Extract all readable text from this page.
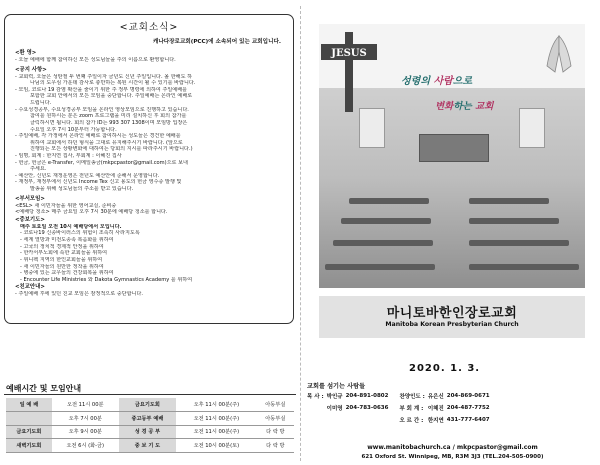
<교회소식>
캐나다장로교회(PCC)에 소속되어 있는 교회입니다.
<환 영>
- 오늘 예배에 함께 참여하신 모든 성도님들을 주의 이름으로 환영합니다.
<공지 사항>
- 교회력, 오늘은 성탄절 두 번째 주일이자 금년도 신년 주일입니다. 올 한해도 하
나님의 도우심 가운데 감사로 충만하는 복된 시간이 될 수 있기를 바랍니다.
- 모임, 코로나 19 감염 확산을 줄이기 위한 주 정부 명령에 의하여 주일예배를
포함한 교회 안에서의 모든 모임을 중단합니다. 주일예배는 온라인 예배로
드립니다.
- 수요성경공부, 수요성경공부 모임을 온라인 영상모임으로 진행하고 있습니다.
참여를 원하시는 분은 zoom 프로그램을 미리 설치하신 후 회의 참가를
클릭하시면 됩니다. 회의 참가 ID는 993 307 1308이며 모임방 입장은
수요일 오후 7시 10분부터 가능합니다.
- 주일예배, 각 가정에서 온라인 예배로 참여하시는 성도들은 경건한 예배를
위하여 교회에서 하던 형식을 그대로 유지해주시기 바랍니다. (앞으로
진행되는 모든 상황변화에 대하여는 당회의 지시를 따라주시기 바랍니다.)
- 임명, 회계 : 한지연 집사, 부회계 : 이혜진 집사
- 헌금, 헌금은 e-Transfer, 이메일송금(mkpcpastor@gmail.com)으로 보내
주세요.
- 예산안, 신년도 재정운영은 전년도 예산안에 준해서 운영합니다.
- 재정부, 재정부에서 신년도 Income Tex 신고 용도의 헌금 영수증 발행 및
발송을 위해 성도님들의 주소를 받고 있습니다.
<부서모임>
<ESL> 새 이민자들을 위한 영어교실, 준비중
<예배당 청소> 매주 금요일 오후 7시 30분에 예배당 청소를 합니다.
<중보기도>
매주 토요일 오전 10시 예배당에서 모입니다.
- 코로나19 신종바이러스의 위험이 조속히 사라지도록
- 세계 열방과 미전도종족 복음화를 위하여
- 고국의 정치적 경제적 안정을 위하여
- 한카서부노회에 속한 교회들을 위하여
- 위니펙 지역의 한인교회들을 위하여
- 새 이민자들의 원만한 정착을 위하여
- 병중에 있는 교우들의 건강회복을 위하여
- Encounter Life Ministries 와 Dakota Gymnastics Academy 를 위하여
<친교안내>
- 주일예배 후에 있던 친교 모임은 잠정적으로 중단합니다.
예배시간 및 모임안내
일 예 배	오전 11시 00분	금요기도회	오후 11시 00분(주)	아동부실
	오후 7시 00분	중고등부 예배	오전 11시 00분(주)	아동부실
금요기도회	오후 9시 00분	성 경 공 부	오전 11시 00분(주)	다 락 방
새벽기도회	오전 6시 (화-금)	중 보 기 도	오전 10시 00분(토)	다 락 방
JESUS
성령의 사람으로
변화하는 교회
마니토바한인장로교회
Manitoba Korean Presbyterian Church
2020. 1. 3.
교회를 섬기는 사람들
목 사 :	박인규	204-891-0802	찬양인도 :	유은신	204-869-0671
	이미영	204-783-0636	부 회 계 :	이혜진	204-487-7752
			오 르 간 :	한지연	431-777-6407
www.manitobachurch.ca / mkpcpastor@gmail.com
621 Oxford St. Winnipeg, MB, R3M 3J3 (TEL.204-505-0900)
